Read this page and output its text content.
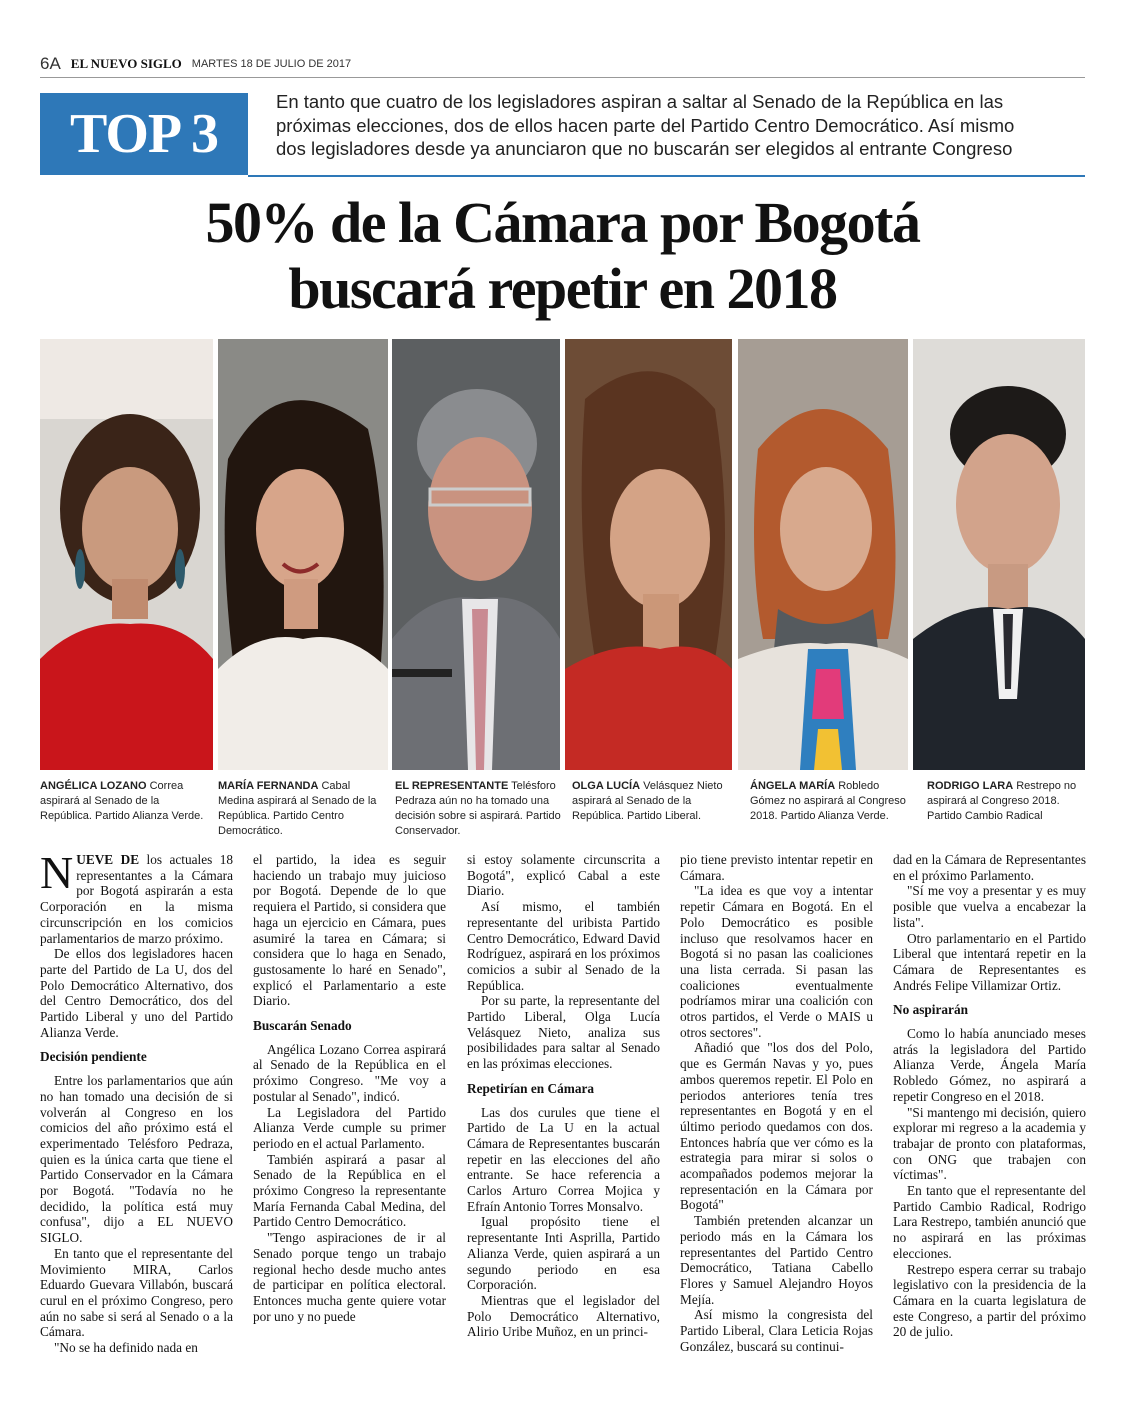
6A EL NUEVO SIGLO MARTES 18 DE JULIO DE 2017
TOP 3
En tanto que cuatro de los legisladores aspiran a saltar al Senado de la República en las
próximas elecciones, dos de ellos hacen parte del Partido Centro Democrático. Así mismo
dos legisladores desde ya anunciaron que no buscarán ser elegidos al entrante Congreso
50% de la Cámara por Bogotá
buscará repetir en 2018
ANGÉLICA LOZANO Correa aspirará al Senado de la República. Partido Alianza Verde.
MARÍA FERNANDA Cabal Medina aspirará al Senado de la República. Partido Centro Democrático.
EL REPRESENTANTE Telésforo Pedraza aún no ha tomado una decisión sobre si aspirará. Partido Conservador.
OLGA LUCÍA Velásquez Nieto aspirará al Senado de la República. Partido Liberal.
ÁNGELA MARÍA Robledo Gómez no aspirará al Congreso 2018. Partido Alianza Verde.
RODRIGO LARA Restrepo no aspirará al Congreso 2018. Partido Cambio Radical

NUEVE DE los actuales 18 representantes a la Cámara por Bogotá aspirarán a esta Corporación en la misma circunscripción en los comicios parlamentarios de marzo próximo.

De ellos dos legisladores hacen parte del Partido de La U, dos del Polo Democrático Alternativo, dos del Centro Democrático, dos del Partido Liberal y uno del Partido Alianza Verde.

Decisión pendiente

Entre los parlamentarios que aún no han tomado una decisión de si volverán al Congreso en los comicios del año próximo está el experimentado Telésforo Pedraza, quien es la única carta que tiene el Partido Conservador en la Cámara por Bogotá. "Todavía no he decidido, la política está muy confusa", dijo a EL NUEVO SIGLO.

En tanto que el representante del Movimiento MIRA, Carlos Eduardo Guevara Villabón, buscará curul en el próximo Congreso, pero aún no sabe si será al Senado o a la Cámara.

"No se ha definido nada en

el partido, la idea es seguir haciendo un trabajo muy juicioso por Bogotá. Depende de lo que requiera el Partido, si considera que haga un ejercicio en Cámara, pues asumiré la tarea en Cámara; si considera que lo haga en Senado, gustosamente lo haré en Senado", explicó el Parlamentario a este Diario.

Buscarán Senado

Angélica Lozano Correa aspirará al Senado de la República en el próximo Congreso. "Me voy a postular al Senado", indicó.

La Legisladora del Partido Alianza Verde cumple su primer periodo en el actual Parlamento.

También aspirará a pasar al Senado de la República en el próximo Congreso la representante María Fernanda Cabal Medina, del Partido Centro Democrático.

"Tengo aspiraciones de ir al Senado porque tengo un trabajo regional hecho desde mucho antes de participar en política electoral. Entonces mucha gente quiere votar por uno y no puede

si estoy solamente circunscrita a Bogotá", explicó Cabal a este Diario.

Así mismo, el también representante del uribista Partido Centro Democrático, Edward David Rodríguez, aspirará en los próximos comicios a subir al Senado de la República.

Por su parte, la representante del Partido Liberal, Olga Lucía Velásquez Nieto, analiza sus posibilidades para saltar al Senado en las próximas elecciones.

Repetirían en Cámara

Las dos curules que tiene el Partido de La U en la actual Cámara de Representantes buscarán repetir en las elecciones del año entrante. Se hace referencia a Carlos Arturo Correa Mojica y Efraín Antonio Torres Monsalvo.

Igual propósito tiene el representante Inti Asprilla, Partido Alianza Verde, quien aspirará a un segundo periodo en esa Corporación.

Mientras que el legislador del Polo Democrático Alternativo, Alirio Uribe Muñoz, en un princi-

pio tiene previsto intentar repetir en Cámara.

"La idea es que voy a intentar repetir Cámara en Bogotá. En el Polo Democrático es posible incluso que resolvamos hacer en Bogotá si no pasan las coaliciones una lista cerrada. Si pasan las coaliciones eventualmente podríamos mirar una coalición con otros partidos, el Verde o MAIS u otros sectores".

Añadió que "los dos del Polo, que es Germán Navas y yo, pues ambos queremos repetir. El Polo en periodos anteriores tenía tres representantes en Bogotá y en el último periodo quedamos con dos. Entonces habría que ver cómo es la estrategia para mirar si solos o acompañados podemos mejorar la representación en la Cámara por Bogotá"

También pretenden alcanzar un periodo más en la Cámara los representantes del Partido Centro Democrático, Tatiana Cabello Flores y Samuel Alejandro Hoyos Mejía.

Así mismo la congresista del Partido Liberal, Clara Leticia Rojas González, buscará su continui-

dad en la Cámara de Representantes en el próximo Parlamento.

"Sí me voy a presentar y es muy posible que vuelva a encabezar la lista".

Otro parlamentario en el Partido Liberal que intentará repetir en la Cámara de Representantes es Andrés Felipe Villamizar Ortiz.

No aspirarán

Como lo había anunciado meses atrás la legisladora del Partido Alianza Verde, Ángela María Robledo Gómez, no aspirará a repetir Congreso en el 2018.

"Si mantengo mi decisión, quiero explorar mi regreso a la academia y trabajar de pronto con plataformas, con ONG que trabajen con víctimas".

En tanto que el representante del Partido Cambio Radical, Rodrigo Lara Restrepo, también anunció que no aspirará en las próximas elecciones.

Restrepo espera cerrar su trabajo legislativo con la presidencia de la Cámara en la cuarta legislatura de este Congreso, a partir del próximo 20 de julio.
